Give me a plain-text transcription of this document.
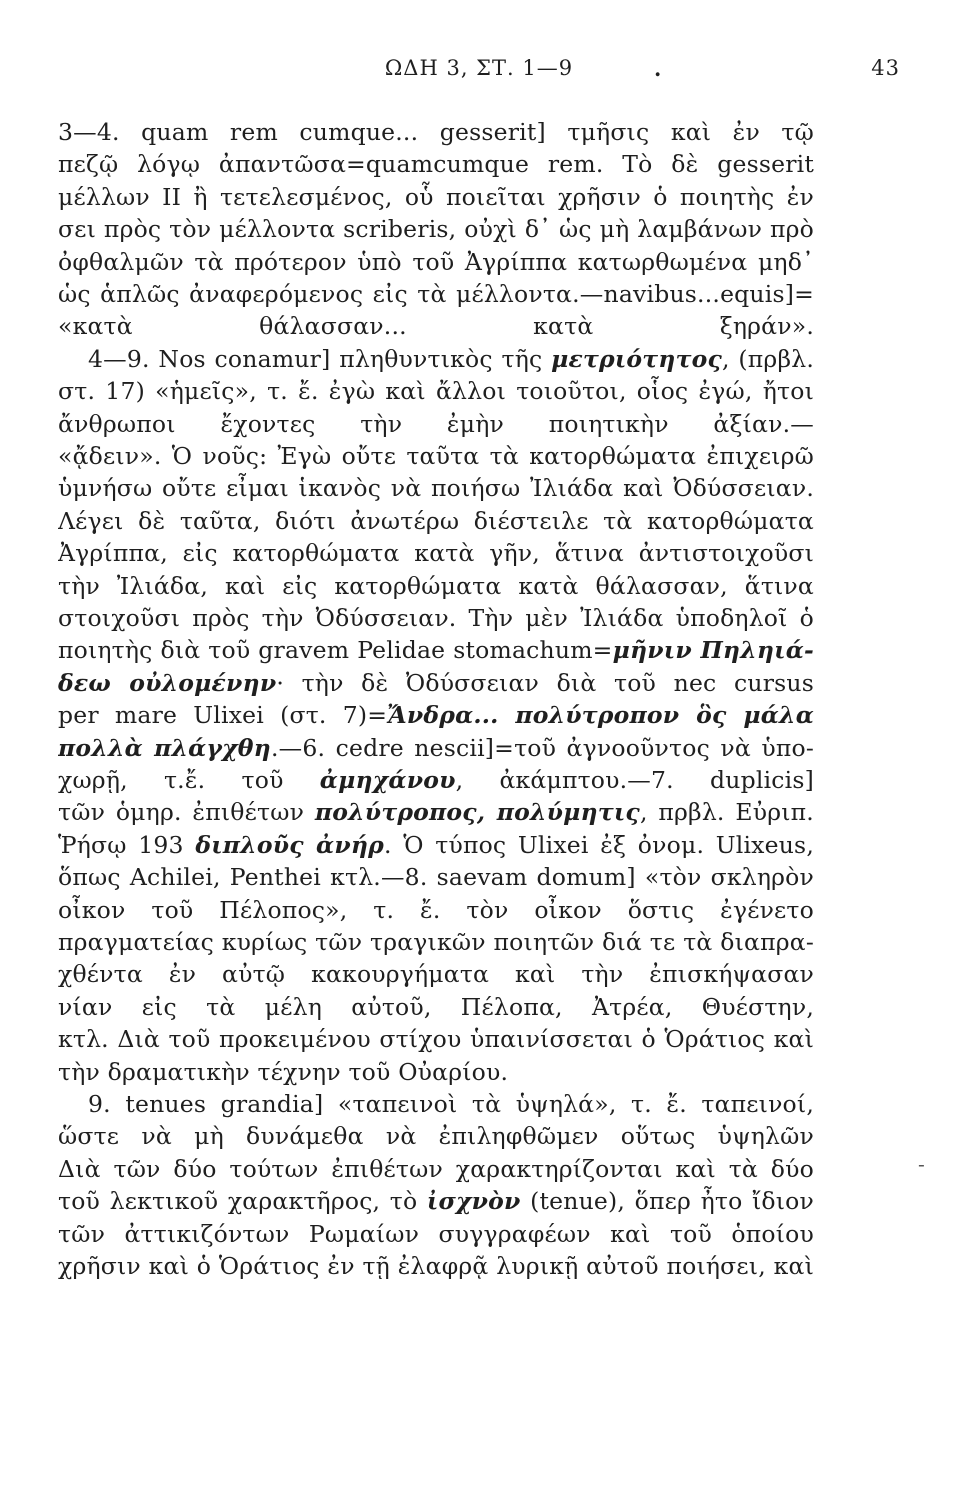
ΩΔΗ 3, ΣΤ. 1—9	.	43
3—4. quam rem cumque... gesserit] τμῆσις καὶ ἐν τῷ
πεζῷ λόγῳ ἀπαντῶσα=quamcumque rem. Τὸ δὲ gesserit
μέλλων II ἢ τετελεσμένος, οὗ ποιεῖται χρῆσιν ὁ ποιητὴς ἐν
σει πρὸς τὸν μέλλοντα scriberis, οὐχὶ δ᾽ ὡς μὴ λαμβάνων πρὸ
ὀφθαλμῶν τὰ πρότερον ὑπὸ τοῦ Ἀγρίππα κατωρθωμένα μηδ᾽
ὡς ἁπλῶς ἀναφερόμενος εἰς τὰ μέλλοντα.—navibus...equis]=
«κατὰ θάλασσαν... κατὰ ξηράν».
4—9. Nos conamur] πληθυντικὸς τῆς μετριότητος, (πρβλ.
στ. 17) «ἡμεῖς», τ. ἔ. ἐγὼ καὶ ἄλλοι τοιοῦτοι, οἷος ἐγώ, ἤτοι
ἄνθρωποι ἔχοντες τὴν ἐμὴν ποιητικὴν ἀξίαν.—
«ᾄδειν». Ὁ νοῦς: Ἐγὼ οὔτε ταῦτα τὰ κατορθώματα ἐπιχειρῶ
ὑμνήσω οὔτε εἶμαι ἱκανὸς νὰ ποιήσω Ἰλιάδα καὶ Ὀδύσσειαν.
Λέγει δὲ ταῦτα, διότι ἀνωτέρω διέστειλε τὰ κατορθώματα
Ἀγρίππα, εἰς κατορθώματα κατὰ γῆν, ἅτινα ἀντιστοιχοῦσι
τὴν Ἰλιάδα, καὶ εἰς κατορθώματα κατὰ θάλασσαν, ἅτινα
στοιχοῦσι πρὸς τὴν Ὀδύσσειαν. Τὴν μὲν Ἰλιάδα ὑποδηλοῖ ὁ
ποιητὴς διὰ τοῦ gravem Pelidae stomachum=μῆνιν Πηληιά-
δεω οὐλομένην· τὴν δὲ Ὀδύσσειαν διὰ τοῦ nec cursus
per mare Ulixei (στ. 7)=Ἄνδρα... πολύτροπον ὃς μάλα
πολλὰ πλάγχθη.—6. cedre nescii]=τοῦ ἀγνοοῦντος νὰ ὑπο-
χωρῇ, τ.ἔ. τοῦ ἀμηχάνου, ἀκάμπτου.—7. duplicis]
τῶν ὁμηρ. ἐπιθέτων πολύτροπος, πολύμητις, πρβλ. Εὐριπ.
Ῥήσῳ 193 διπλοῦς ἀνήρ. Ὁ τύπος Ulixei ἐξ ὀνομ. Ulixeus,
ὅπως Achilei, Penthei κτλ.—8. saevam domum] «τὸν σκληρὸν
οἶκον τοῦ Πέλοπος», τ. ἔ. τὸν οἶκον ὅστις ἐγένετο
πραγματείας κυρίως τῶν τραγικῶν ποιητῶν διά τε τὰ διαπρα-
χθέντα ἐν αὐτῷ κακουργήματα καὶ τὴν ἐπισκήψασαν
νίαν εἰς τὰ μέλη αὐτοῦ, Πέλοπα, Ἀτρέα, Θυέστην,
κτλ. Διὰ τοῦ προκειμένου στίχου ὑπαινίσσεται ὁ Ὁράτιος καὶ
τὴν δραματικὴν τέχνην τοῦ Οὐαρίου.
9. tenues grandia] «ταπεινοὶ τὰ ὑψηλά», τ. ἔ. ταπεινοί,
ὥστε νὰ μὴ δυνάμεθα νὰ ἐπιληφθῶμεν οὕτως ὑψηλῶν
Διὰ τῶν δύο τούτων ἐπιθέτων χαρακτηρίζονται καὶ τὰ δύο
τοῦ λεκτικοῦ χαρακτῆρος, τὸ ἰσχνὸν (tenue), ὅπερ ἦτο ἴδιον
τῶν ἀττικιζόντων Ρωμαίων συγγραφέων καὶ τοῦ ὁποίου
χρῆσιν καὶ ὁ Ὁράτιος ἐν τῇ ἐλαφρᾷ λυρικῇ αὐτοῦ ποιήσει, καὶ
-
